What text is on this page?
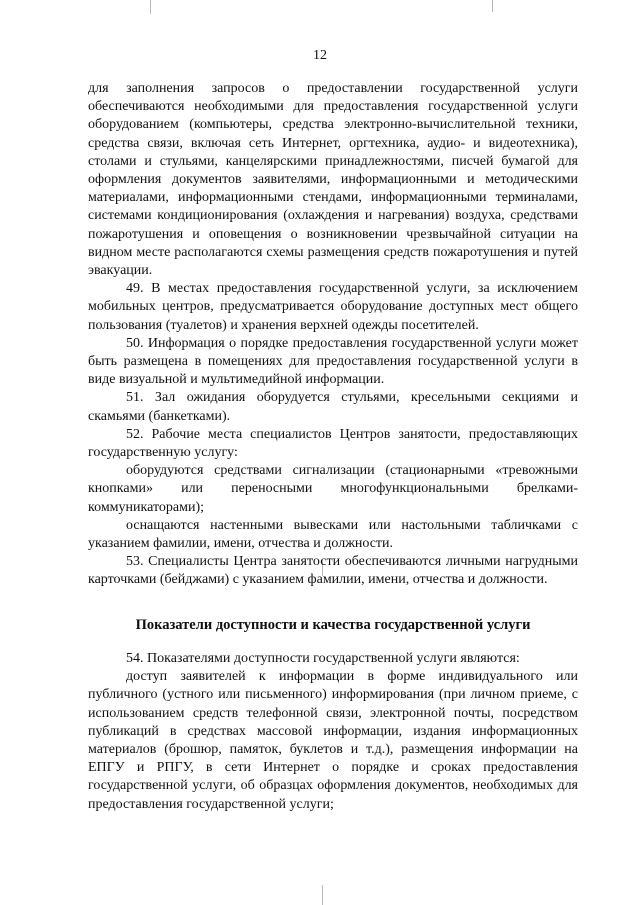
12

для заполнения запросов о предоставлении государственной услуги обеспечиваются необходимыми для предоставления государственной услуги оборудованием (компьютеры, средства электронно-вычислительной техники, средства связи, включая сеть Интернет, оргтехника, аудио- и видеотехника), столами и стульями, канцелярскими принадлежностями, писчей бумагой для оформления документов заявителями, информационными и методическими материалами, информационными стендами, информационными терминалами, системами кондиционирования (охлаждения и нагревания) воздуха, средствами пожаротушения и оповещения о возникновении чрезвычайной ситуации на видном месте располагаются схемы размещения средств пожаротушения и путей эвакуации.

49. В местах предоставления государственной услуги, за исключением мобильных центров, предусматривается оборудование доступных мест общего пользования (туалетов) и хранения верхней одежды посетителей.

50. Информация о порядке предоставления государственной услуги может быть размещена в помещениях для предоставления государственной услуги в виде визуальной и мультимедийной информации.

51. Зал ожидания оборудуется стульями, кресельными секциями и скамьями (банкетками).

52. Рабочие места специалистов Центров занятости, предоставляющих государственную услугу:

оборудуются средствами сигнализации (стационарными «тревожными кнопками» или переносными многофункциональными брелками-коммуникаторами);

оснащаются настенными вывесками или настольными табличками с указанием фамилии, имени, отчества и должности.

53. Специалисты Центра занятости обеспечиваются личными нагрудными карточками (бейджами) с указанием фамилии, имени, отчества и должности.

Показатели доступности и качества государственной услуги

54. Показателями доступности государственной услуги являются:

доступ заявителей к информации в форме индивидуального или публичного (устного или письменного) информирования (при личном приеме, с использованием средств телефонной связи, электронной почты, посредством публикаций в средствах массовой информации, издания информационных материалов (брошюр, памяток, буклетов и т.д.), размещения информации на ЕПГУ и РПГУ, в сети Интернет о порядке и сроках предоставления государственной услуги, об образцах оформления документов, необходимых для предоставления государственной услуги;
